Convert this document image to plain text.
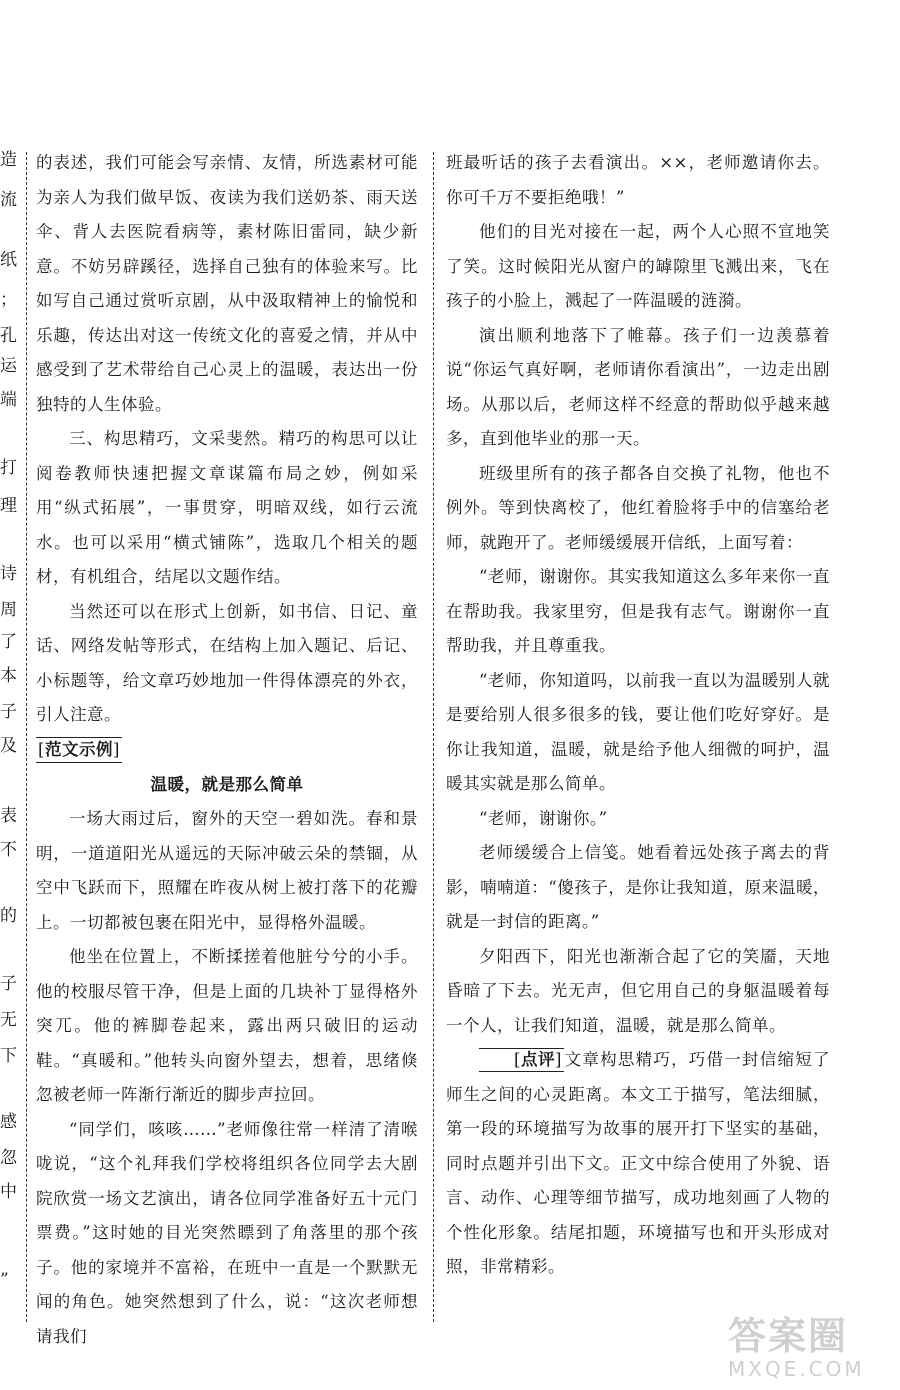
造
流
纸
；
孔
运
端
打
理
诗
周
了
本
子
及
表
不
的
子
无
下
感
忽
中
”

的表述，我们可能会写亲情、友情，所选素材可能为亲人为我们做早饭、夜读为我们送奶茶、雨天送伞、背人去医院看病等，素材陈旧雷同，缺少新意。不妨另辟蹊径，选择自己独有的体验来写。比如写自己通过赏听京剧，从中汲取精神上的愉悦和乐趣，传达出对这一传统文化的喜爱之情，并从中感受到了艺术带给自己心灵上的温暖，表达出一份独特的人生体验。

三、构思精巧，文采斐然。精巧的构思可以让阅卷教师快速把握文章谋篇布局之妙，例如采用“纵式拓展”，一事贯穿，明暗双线，如行云流水。也可以采用“横式铺陈”，选取几个相关的题材，有机组合，结尾以文题作结。

当然还可以在形式上创新，如书信、日记、童话、网络发帖等形式，在结构上加入题记、后记、小标题等，给文章巧妙地加一件得体漂亮的外衣，引人注意。

[范文示例]

温暖，就是那么简单

一场大雨过后，窗外的天空一碧如洗。春和景明，一道道阳光从遥远的天际冲破云朵的禁锢，从空中飞跃而下，照耀在昨夜从树上被打落下的花瓣上。一切都被包裹在阳光中，显得格外温暖。

他坐在位置上，不断揉搓着他脏兮兮的小手。他的校服尽管干净，但是上面的几块补丁显得格外突兀。他的裤脚卷起来，露出两只破旧的运动鞋。“真暖和。”他转头向窗外望去，想着，思绪倏忽被老师一阵渐行渐近的脚步声拉回。

“同学们，咳咳……”老师像往常一样清了清喉咙说，“这个礼拜我们学校将组织各位同学去大剧院欣赏一场文艺演出，请各位同学准备好五十元门票费。”这时她的目光突然瞟到了角落里的那个孩子。他的家境并不富裕，在班中一直是一个默默无闻的角色。她突然想到了什么，说：“这次老师想请我们

班最听话的孩子去看演出。××，老师邀请你去。你可千万不要拒绝哦！”

他们的目光对接在一起，两个人心照不宣地笑了笑。这时候阳光从窗户的罅隙里飞溅出来，飞在孩子的小脸上，溅起了一阵温暖的涟漪。

演出顺利地落下了帷幕。孩子们一边羡慕着说“你运气真好啊，老师请你看演出”，一边走出剧场。从那以后，老师这样不经意的帮助似乎越来越多，直到他毕业的那一天。

班级里所有的孩子都各自交换了礼物，他也不例外。等到快离校了，他红着脸将手中的信塞给老师，就跑开了。老师缓缓展开信纸，上面写着：

“老师，谢谢你。其实我知道这么多年来你一直在帮助我。我家里穷，但是我有志气。谢谢你一直帮助我，并且尊重我。

“老师，你知道吗，以前我一直以为温暖别人就是要给别人很多很多的钱，要让他们吃好穿好。是你让我知道，温暖，就是给予他人细微的呵护，温暖其实就是那么简单。

“老师，谢谢你。”

老师缓缓合上信笺。她看着远处孩子离去的背影，喃喃道：“傻孩子，是你让我知道，原来温暖，就是一封信的距离。”

夕阳西下，阳光也渐渐合起了它的笑靥，天地昏暗了下去。光无声，但它用自己的身躯温暖着每一个人，让我们知道，温暖，就是那么简单。

[点评] 文章构思精巧，巧借一封信缩短了师生之间的心灵距离。本文工于描写，笔法细腻，第一段的环境描写为故事的展开打下坚实的基础，同时点题并引出下文。正文中综合使用了外貌、语言、动作、心理等细节描写，成功地刻画了人物的个性化形象。结尾扣题，环境描写也和开头形成对照，非常精彩。

答案圈
MXQE.COM
